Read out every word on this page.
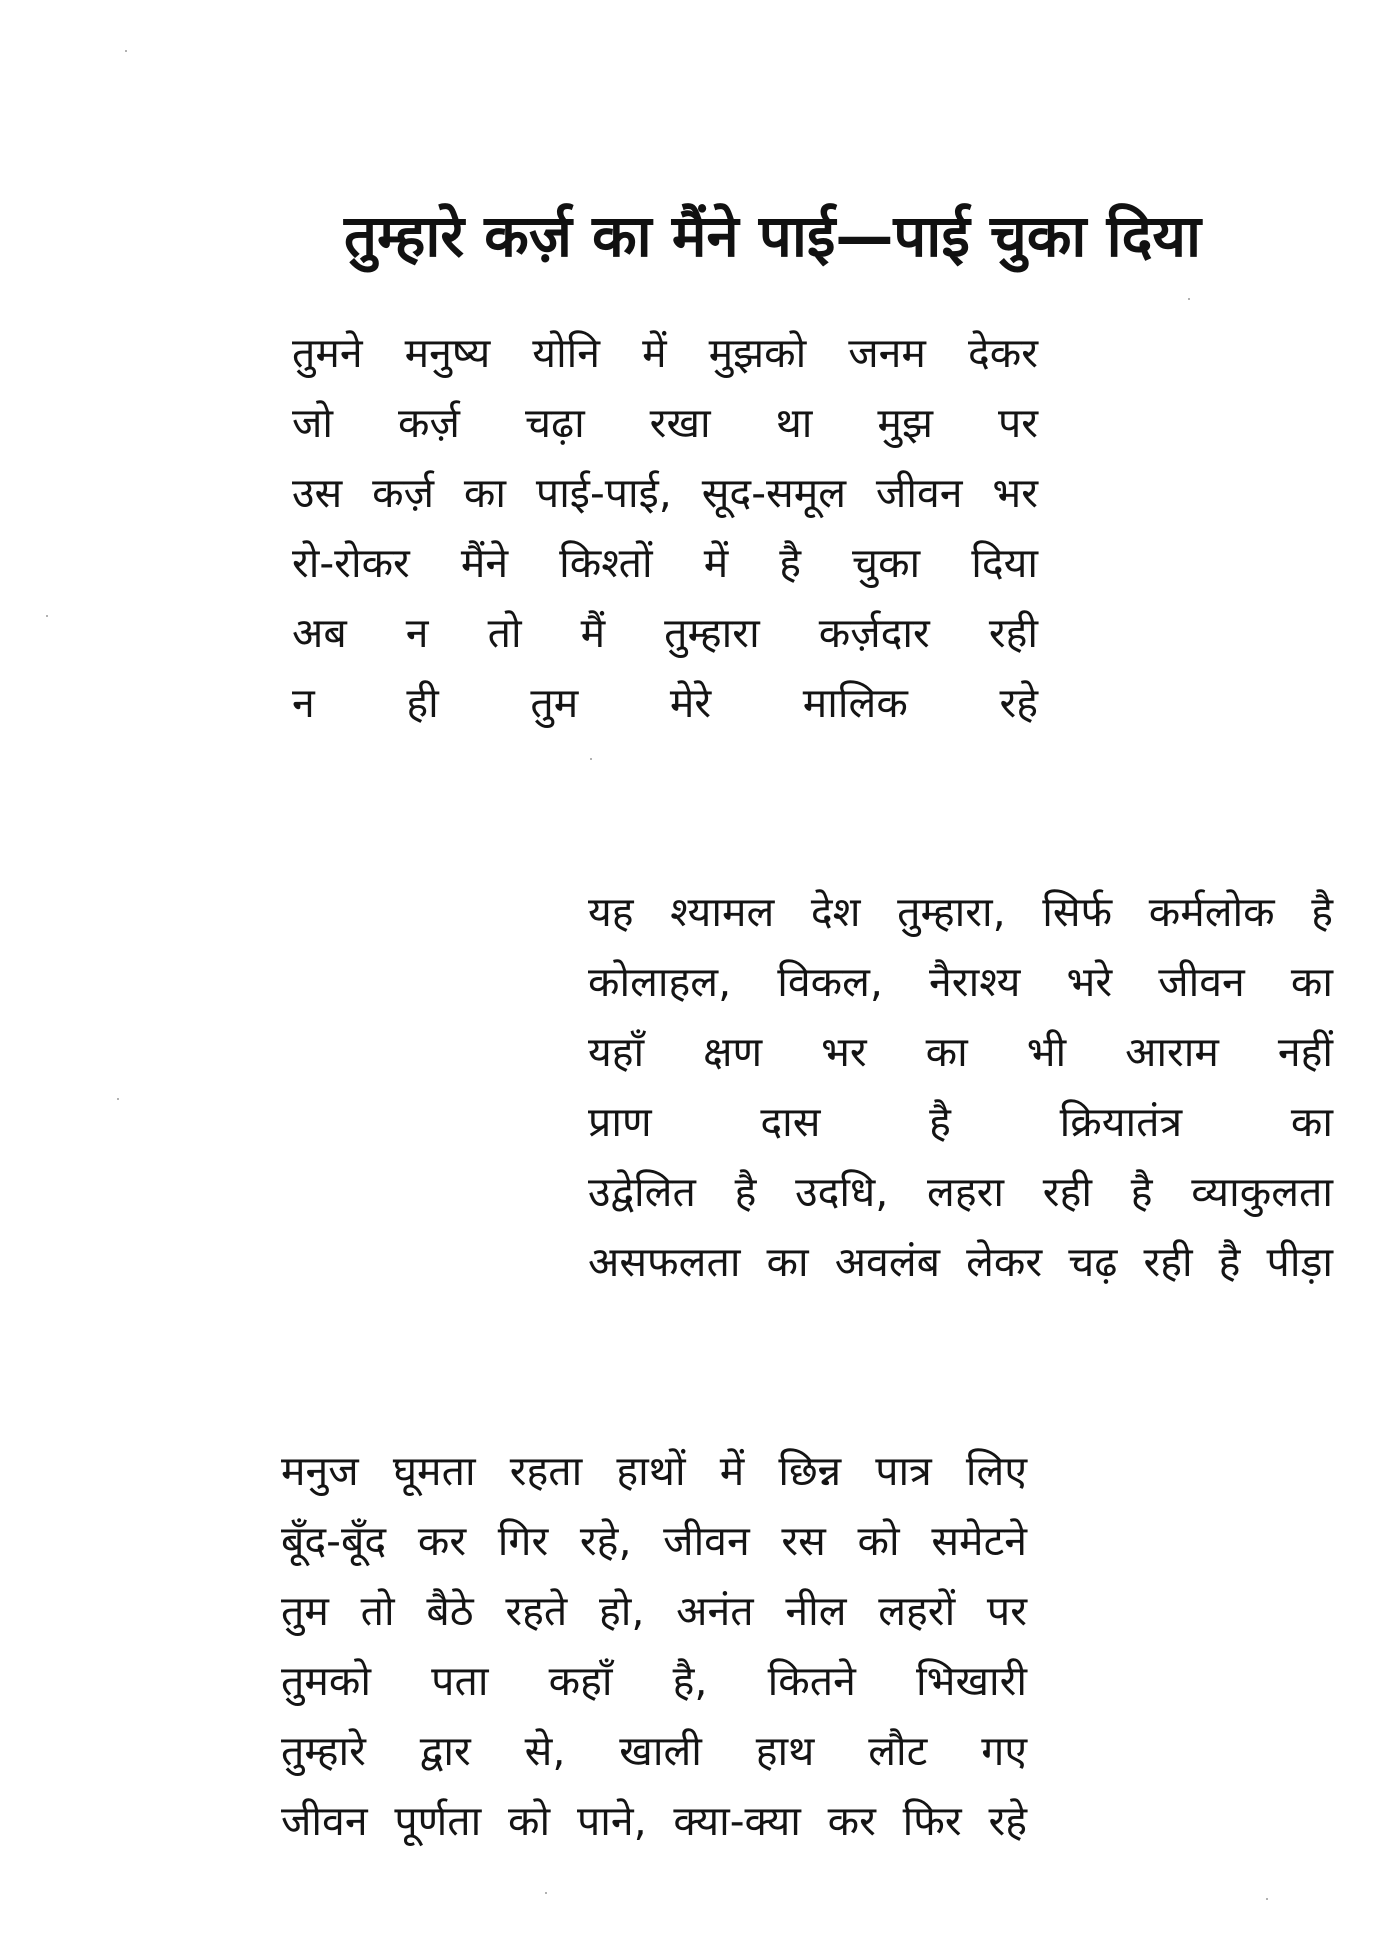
तुम्हारे कर्ज़ का मैंने पाई—पाई चुका दिया
तुमने मनुष्य योनि में मुझको जनम देकर
जो कर्ज़ चढ़ा रखा था मुझ पर
उस कर्ज़ का पाई-पाई, सूद-समूल जीवन भर
रो-रोकर मैंने किश्तों में है चुका दिया
अब न तो मैं तुम्हारा कर्ज़दार रही
न ही तुम मेरे मालिक रहे
यह श्यामल देश तुम्हारा, सिर्फ कर्मलोक है
कोलाहल, विकल, नैराश्य भरे जीवन का
यहाँ क्षण भर का भी आराम नहीं
प्राण दास है क्रियातंत्र का
उद्वेलित है उदधि, लहरा रही है व्याकुलता
असफलता का अवलंब लेकर चढ़ रही है पीड़ा
मनुज घूमता रहता हाथों में छिन्न पात्र लिए
बूँद-बूँद कर गिर रहे, जीवन रस को समेटने
तुम तो बैठे रहते हो, अनंत नील लहरों पर
तुमको पता कहाँ है, कितने भिखारी
तुम्हारे द्वार से, खाली हाथ लौट गए
जीवन पूर्णता को पाने, क्या-क्या कर फिर रहे
